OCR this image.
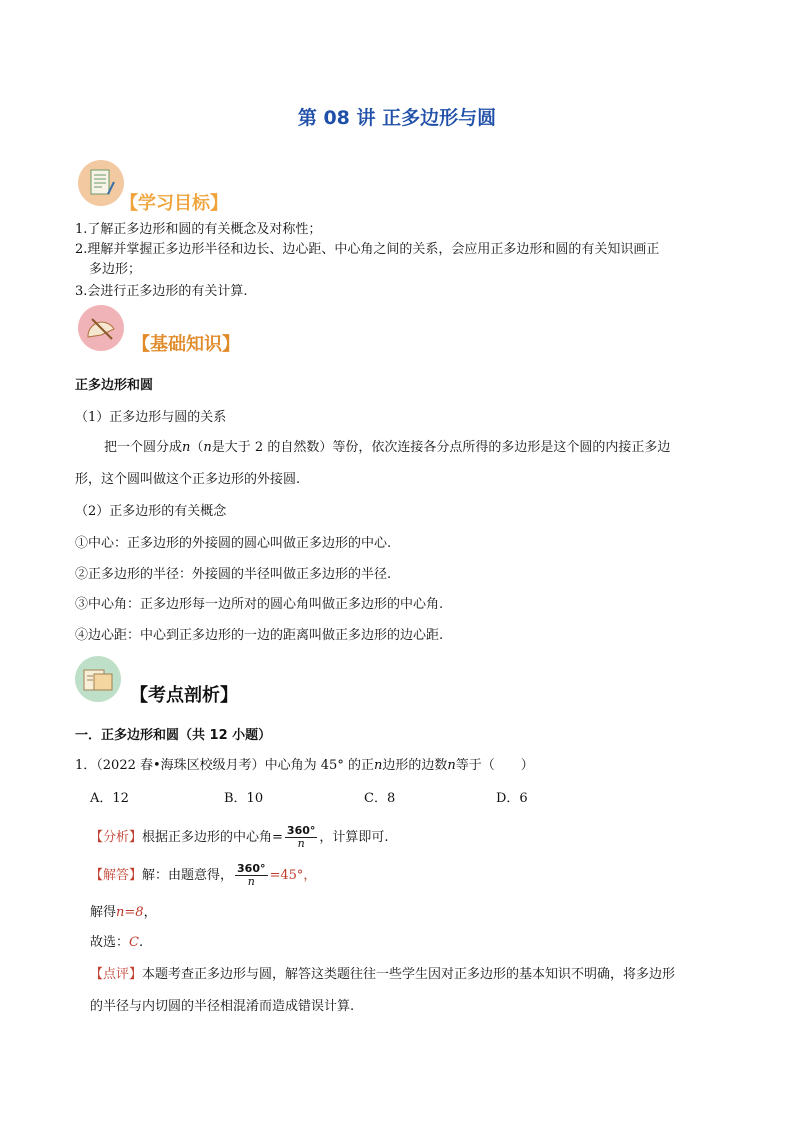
第 08 讲 正多边形与圆
【学习目标】
1.了解正多边形和圆的有关概念及对称性；
2.理解并掌握正多边形半径和边长、边心距、中心角之间的关系，会应用正多边形和圆的有关知识画正
多边形；
3.会进行正多边形的有关计算.
【基础知识】
正多边形和圆
（1）正多边形与圆的关系
把一个圆分成n（n是大于 2 的自然数）等份，依次连接各分点所得的多边形是这个圆的内接正多边
形，这个圆叫做这个正多边形的外接圆.
（2）正多边形的有关概念
①中心：正多边形的外接圆的圆心叫做正多边形的中心.
②正多边形的半径：外接圆的半径叫做正多边形的半径.
③中心角：正多边形每一边所对的圆心角叫做正多边形的中心角.
④边心距：中心到正多边形的一边的距离叫做正多边形的边心距.
【考点剖析】
一．正多边形和圆（共 12 小题）
1．（2022 春•海珠区校级月考）中心角为 45° 的正n边形的边数n等于（　　）
A．12	B．10	C．8	D．6
【分析】根据正多边形的中心角= $\frac{360^\circ}{n}$ ，计算即可.
【解答】解：由题意得， $\frac{360^\circ}{n} =45^\circ$，
解得n=8，
故选：C.
【点评】本题考查正多边形与圆，解答这类题往往一些学生因对正多边形的基本知识不明确，将多边形
的半径与内切圆的半径相混淆而造成错误计算.
